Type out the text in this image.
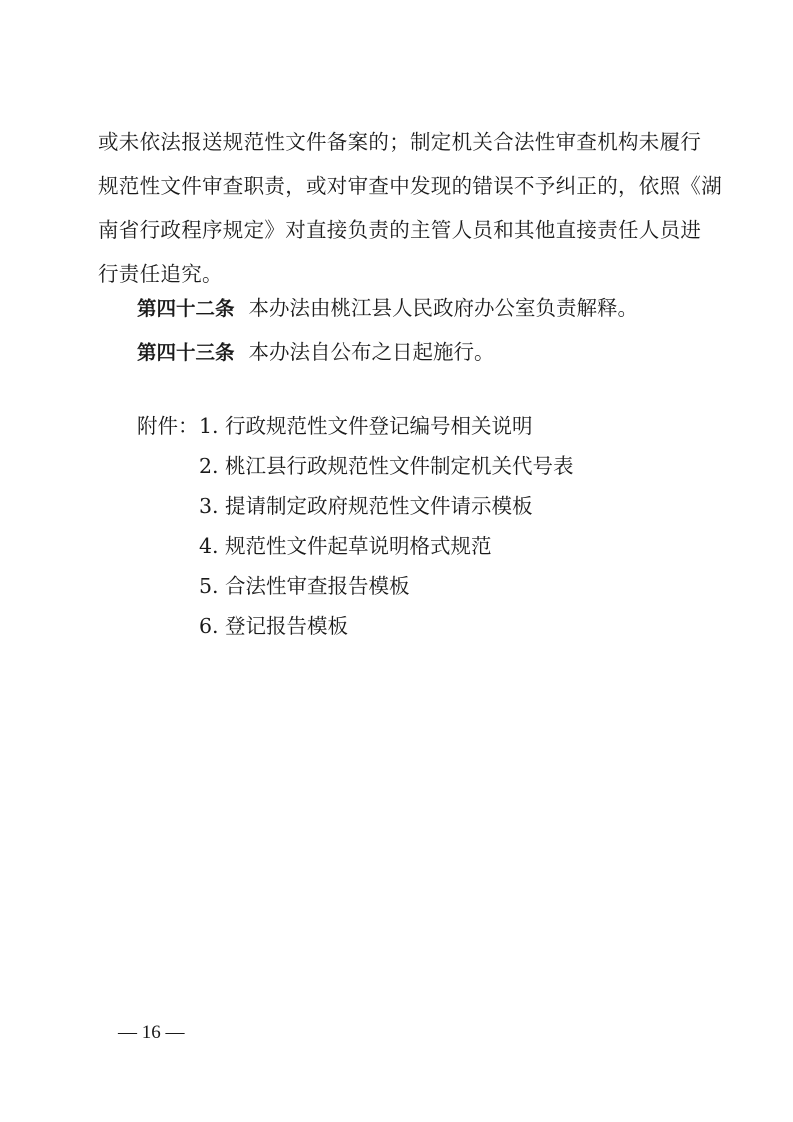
或未依法报送规范性文件备案的；制定机关合法性审查机构未履行
规范性文件审查职责，或对审查中发现的错误不予纠正的，依照《湖
南省行政程序规定》对直接负责的主管人员和其他直接责任人员进
行责任追究。
第四十二条 本办法由桃江县人民政府办公室负责解释。
第四十三条 本办法自公布之日起施行。
附件： 1. 行政规范性文件登记编号相关说明
2. 桃江县行政规范性文件制定机关代号表
3. 提请制定政府规范性文件请示模板
4. 规范性文件起草说明格式规范
5. 合法性审查报告模板
6. 登记报告模板
— 16 —
